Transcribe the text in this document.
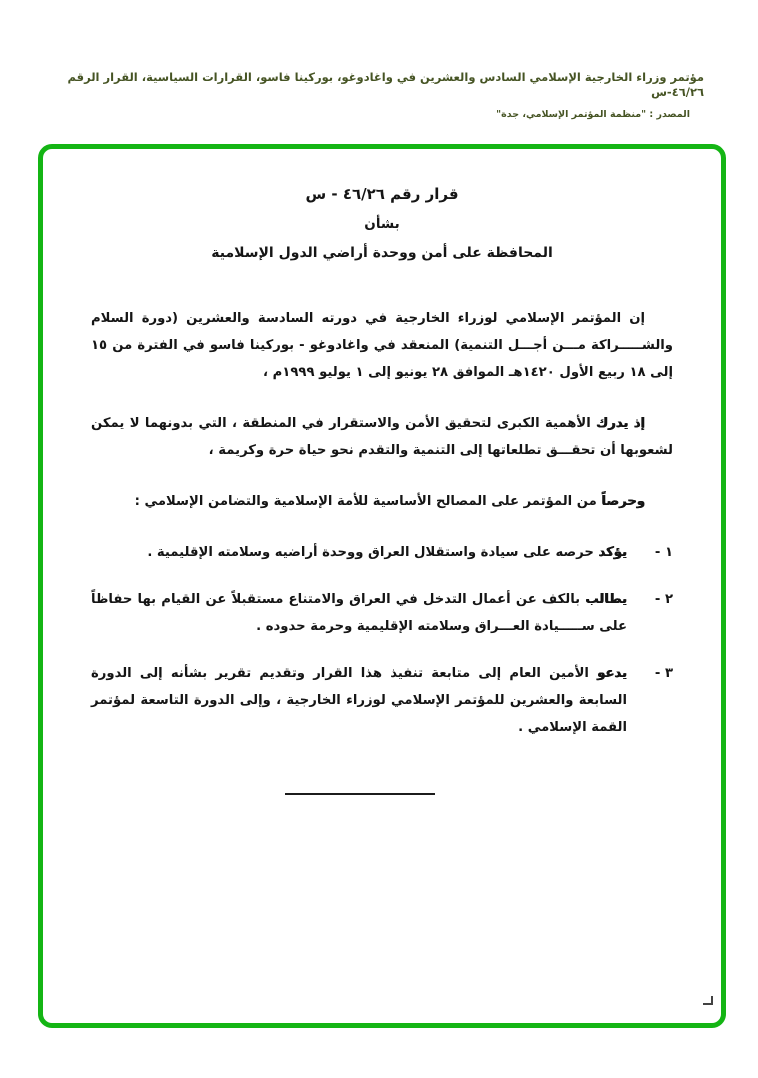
مؤتمر وزراء الخارجية الإسلامي السادس والعشرين في واغادوغو، بوركينا فاسو، القرارات السياسية، القرار الرقم ٤٦/٢٦-س
المصدر : "منظمة المؤتمر الإسلامي، جدة"
قرار رقم ٤٦/٢٦ - س
بشأن
المحافظة على أمن ووحدة أراضي الدول الإسلامية

إن المؤتمر الإسلامي لوزراء الخارجية في دورته السادسة والعشرين (دورة السلام والشـــــراكة مـــن أجـــل التنمية) المنعقد في واغادوغو - بوركينا فاسو في الفترة من ١٥ إلى ١٨ ربيع الأول ١٤٢٠هـ الموافق ٢٨ يونيو إلى ١ يوليو ١٩٩٩م ،

إذ يدرك الأهمية الكبرى لتحقيق الأمن والاستقرار في المنطقة ، التي بدونهما لا يمكن لشعوبها أن تحقـــق تطلعاتها إلى التنمية والتقدم نحو حياة حرة وكريمة ،

وحرصاً من المؤتمر على المصالح الأساسية للأمة الإسلامية والتضامن الإسلامي :

١ -

يؤكد حرصه على سيادة واستقلال العراق ووحدة أراضيه وسلامته الإقليمية .

٢ -

يطالب بالكف عن أعمال التدخل في العراق والامتناع مستقبلاً عن القيام بها حفاظاً على ســـــيادة العـــراق وسلامته الإقليمية وحرمة حدوده .

٣ -

يدعو الأمين العام إلى متابعة تنفيذ هذا القرار وتقديم تقرير بشأنه إلى الدورة السابعة والعشرين للمؤتمر الإسلامي لوزراء الخارجية ، وإلى الدورة التاسعة لمؤتمر القمة الإسلامي .
